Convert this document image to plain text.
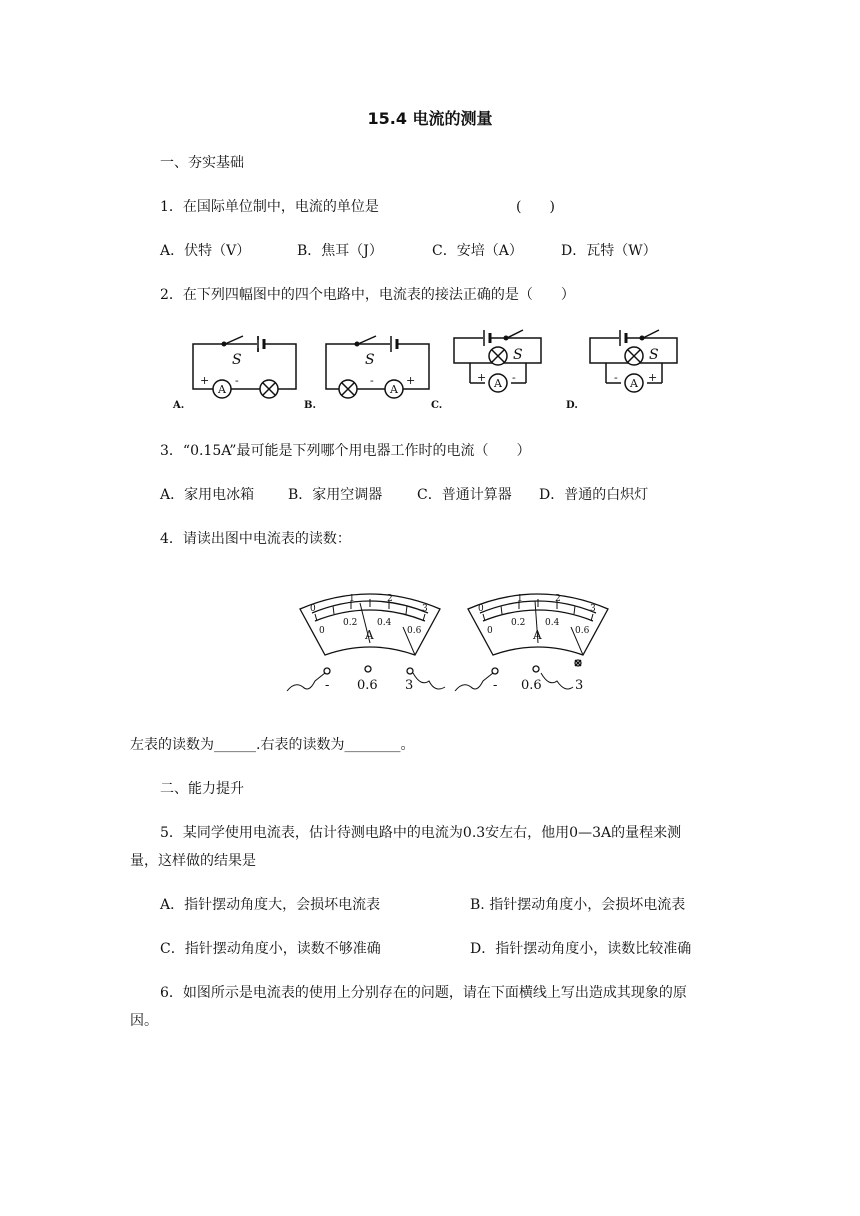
15.4 电流的测量
一、夯实基础
1．在国际单位制中，电流的单位是	(　　)
A．伏特（V）	B．焦耳（J）	C．安培（A）	D．瓦特（W）
2．在下列四幅图中的四个电路中，电流表的接法正确的是（　　）
A
S
+ -
A.
A
S
-	+
B.
A
S
+ -
C.
A
S
-	+
D.
3．“0.15A”最可能是下列哪个用电器工作时的电流（　　）
A．家用电冰箱 B．家用空调器 C．普通计算器 D．普通的白炽灯
4．请读出图中电流表的读数：
0
1	2
3
0
0.2 0.4
0.6
A
- 0.6 3
0
1	2
3
0
0.2 0.4
0.6
A
- 0.6	3
左表的读数为______.右表的读数为________。
二、能力提升
5．某同学使用电流表，估计待测电路中的电流为0.3安左右，他用0—3A的量程来测
量，这样做的结果是
A．指针摆动角度大，会损坏电流表	B. 指针摆动角度小，会损坏电流表
C．指针摆动角度小，读数不够准确	D．指针摆动角度小，读数比较准确
6．如图所示是电流表的使用上分别存在的问题，请在下面横线上写出造成其现象的原
因。
